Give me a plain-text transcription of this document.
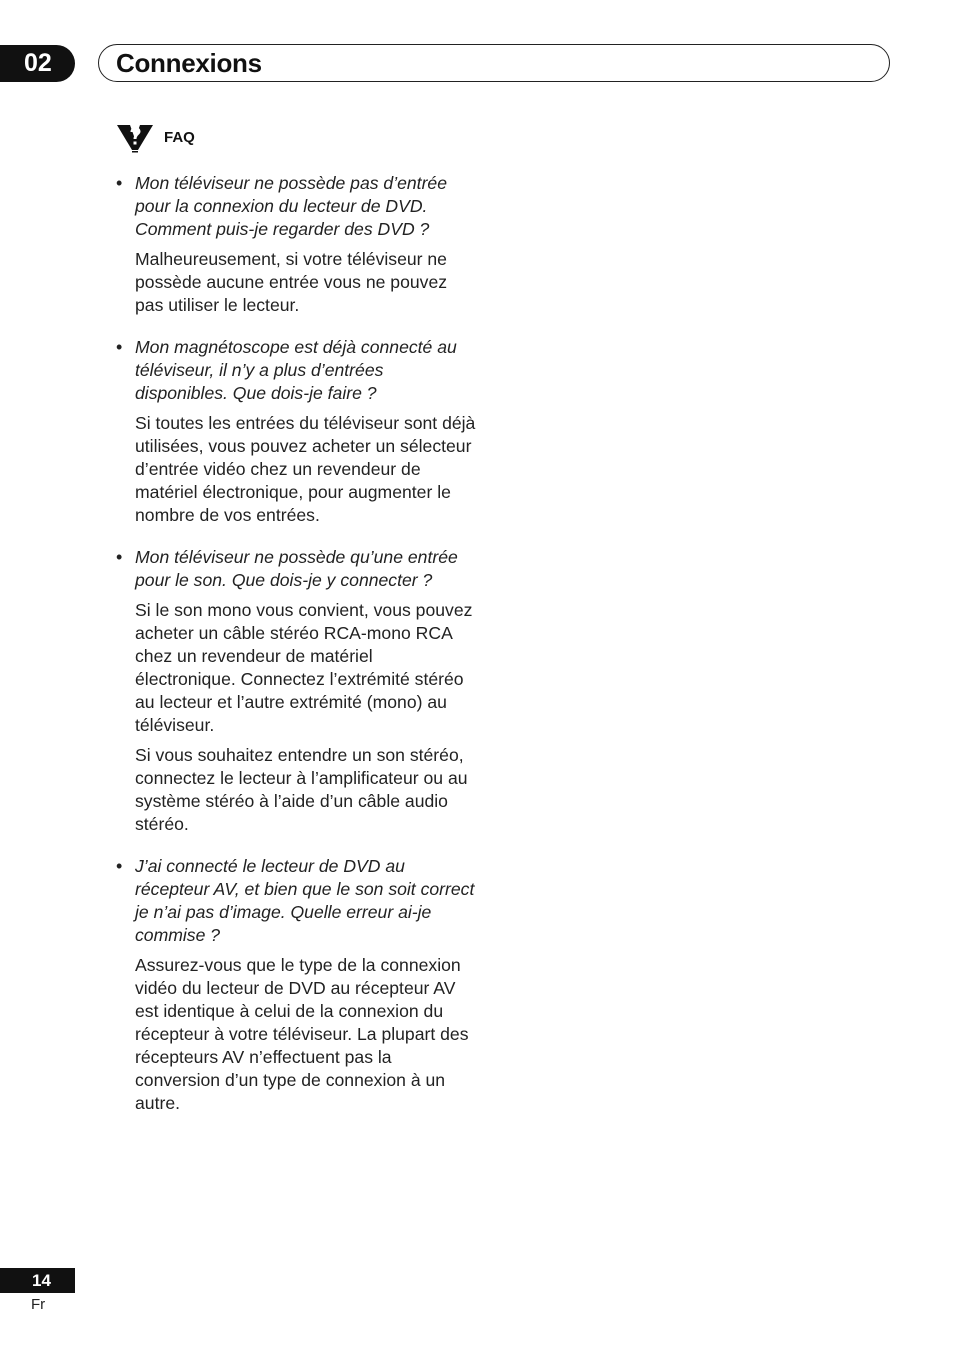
02	Connexions
FAQ
• Mon téléviseur ne possède pas d’entrée pour la connexion du lecteur de DVD. Comment puis-je regarder des DVD ?

Malheureusement, si votre téléviseur ne possède aucune entrée vous ne pouvez pas utiliser le lecteur.

• Mon magnétoscope est déjà connecté au téléviseur, il n’y a plus d’entrées disponibles. Que dois-je faire ?

Si toutes les entrées du téléviseur sont déjà utilisées, vous pouvez acheter un sélecteur d’entrée vidéo chez un revendeur de matériel électronique, pour augmenter le nombre de vos entrées.

• Mon téléviseur ne possède qu’une entrée pour le son. Que dois-je y connecter ?

Si le son mono vous convient, vous pouvez acheter un câble stéréo RCA-mono RCA chez un revendeur de matériel électronique. Connectez l’extrémité stéréo au lecteur et l’autre extrémité (mono) au téléviseur.

Si vous souhaitez entendre un son stéréo, connectez le lecteur à l’amplificateur ou au système stéréo à l’aide d’un câble audio stéréo.

• J’ai connecté le lecteur de DVD au récepteur AV, et bien que le son soit correct je n’ai pas d’image. Quelle erreur ai-je commise ?

Assurez-vous que le type de la connexion vidéo du lecteur de DVD au récepteur AV est identique à celui de la connexion du récepteur à votre téléviseur. La plupart des récepteurs AV n’effectuent pas la conversion d’un type de connexion à un autre.

14
Fr
